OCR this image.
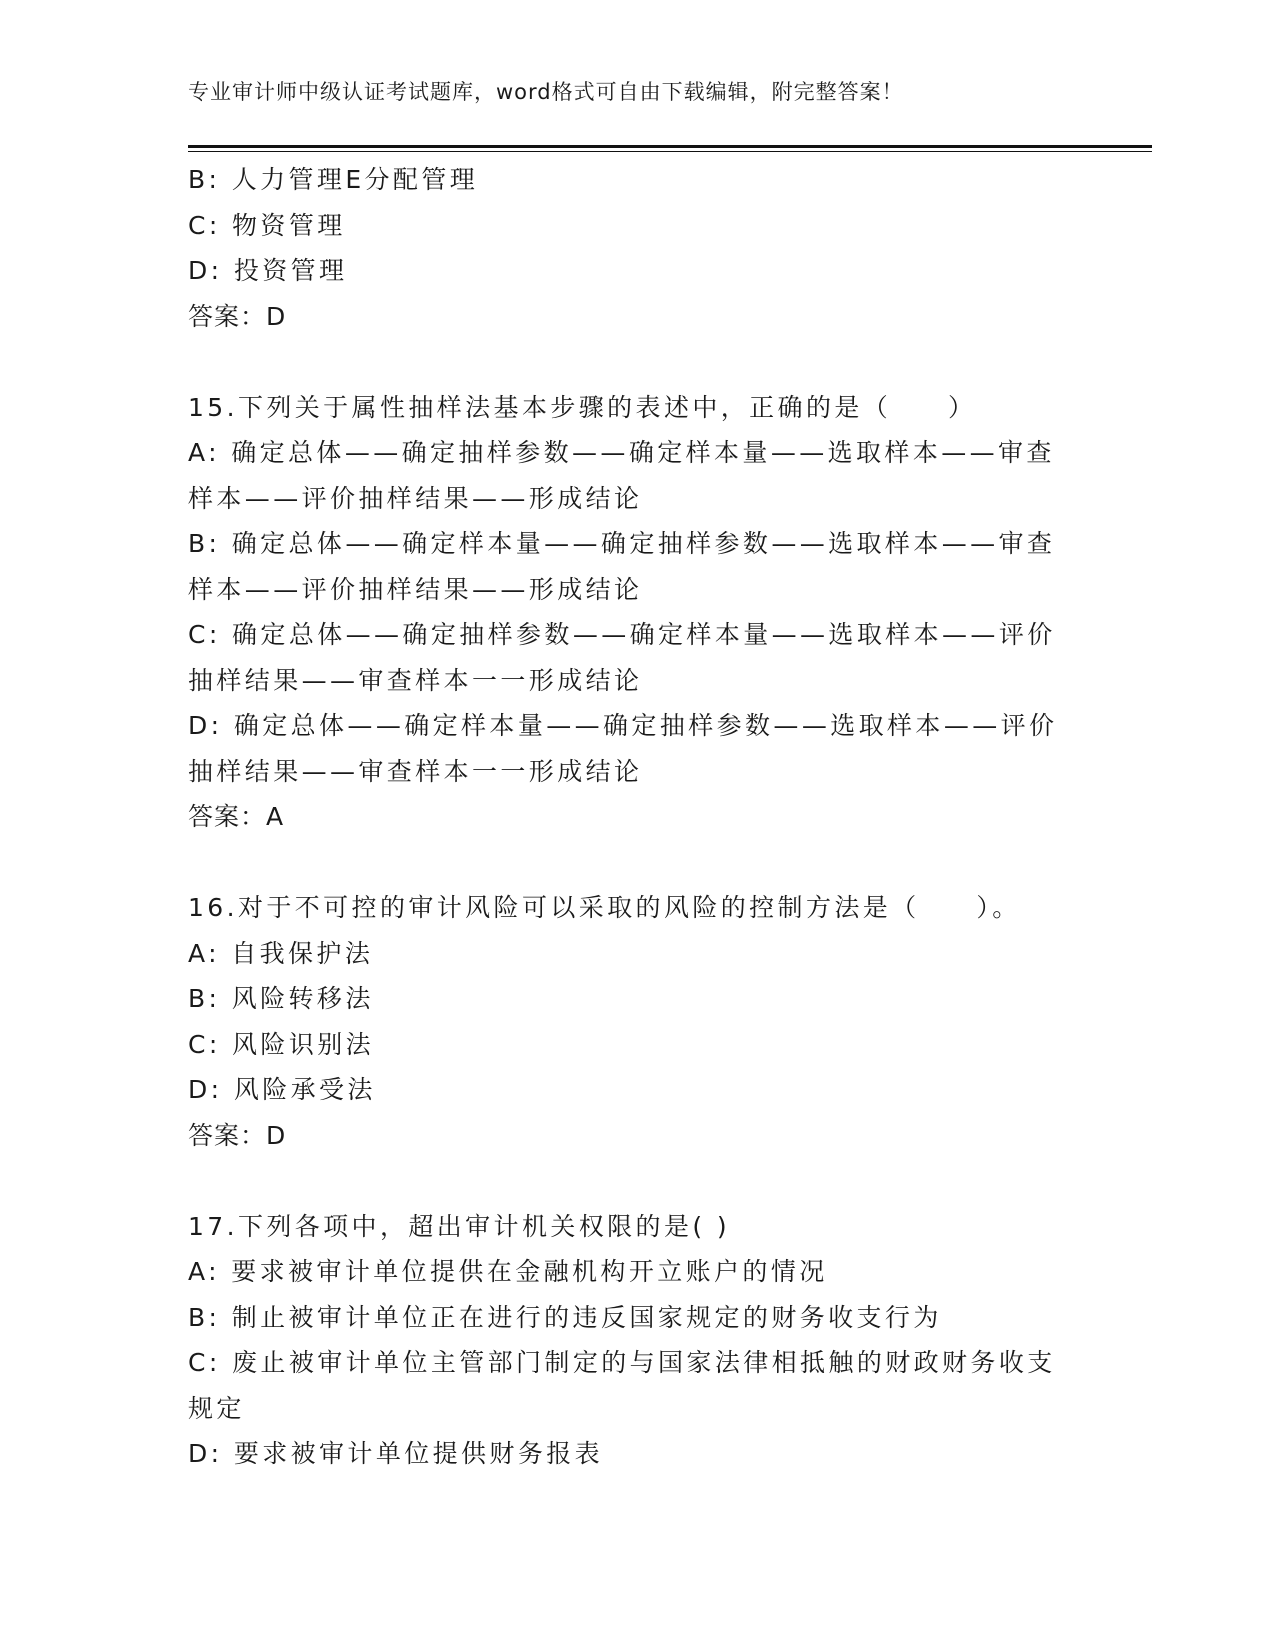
专业审计师中级认证考试题库，word格式可自由下载编辑，附完整答案！
B: 人力管理E分配管理
C: 物资管理
D: 投资管理
答案：D
15.下列关于属性抽样法基本步骤的表述中，正确的是（　　）
A: 确定总体——确定抽样参数——确定样本量——选取样本——审查
样本——评价抽样结果——形成结论
B: 确定总体——确定样本量——确定抽样参数——选取样本——审查
样本——评价抽样结果——形成结论
C: 确定总体——确定抽样参数——确定样本量——选取样本——评价
抽样结果——审查样本一一形成结论
D: 确定总体——确定样本量——确定抽样参数——选取样本——评价
抽样结果——审查样本一一形成结论
答案：A
16.对于不可控的审计风险可以采取的风险的控制方法是（　　）。
A: 自我保护法
B: 风险转移法
C: 风险识别法
D: 风险承受法
答案：D
17.下列各项中，超出审计机关权限的是( )
A: 要求被审计单位提供在金融机构开立账户的情况
B: 制止被审计单位正在进行的违反国家规定的财务收支行为
C: 废止被审计单位主管部门制定的与国家法律相抵触的财政财务收支
规定
D: 要求被审计单位提供财务报表
